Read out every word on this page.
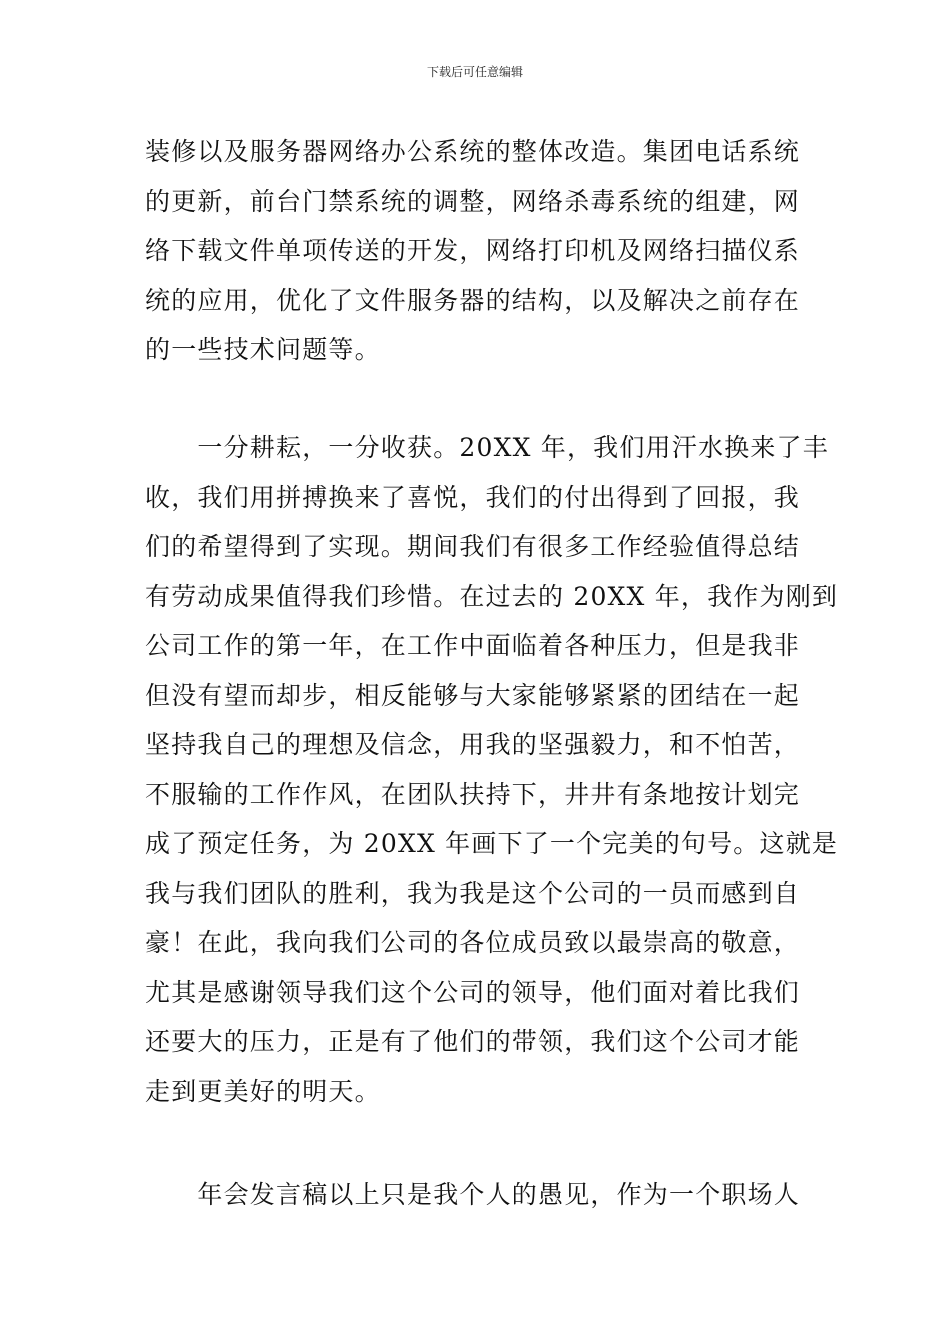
下载后可任意编辑
装修以及服务器网络办公系统的整体改造。集团电话系统
的更新，前台门禁系统的调整，网络杀毒系统的组建，网
络下载文件单项传送的开发，网络打印机及网络扫描仪系
统的应用，优化了文件服务器的结构，以及解决之前存在
的一些技术问题等。
　　一分耕耘，一分收获。20XX 年，我们用汗水换来了丰
收，我们用拼搏换来了喜悦，我们的付出得到了回报，我
们的希望得到了实现。期间我们有很多工作经验值得总结
有劳动成果值得我们珍惜。在过去的 20XX 年，我作为刚到
公司工作的第一年，在工作中面临着各种压力，但是我非
但没有望而却步，相反能够与大家能够紧紧的团结在一起
坚持我自己的理想及信念，用我的坚强毅力，和不怕苦，
不服输的工作作风，在团队扶持下，井井有条地按计划完
成了预定任务，为 20XX 年画下了一个完美的句号。这就是
我与我们团队的胜利，我为我是这个公司的一员而感到自
豪！在此，我向我们公司的各位成员致以最崇高的敬意，
尤其是感谢领导我们这个公司的领导，他们面对着比我们
还要大的压力，正是有了他们的带领，我们这个公司才能
走到更美好的明天。
　　年会发言稿以上只是我个人的愚见，作为一个职场人
